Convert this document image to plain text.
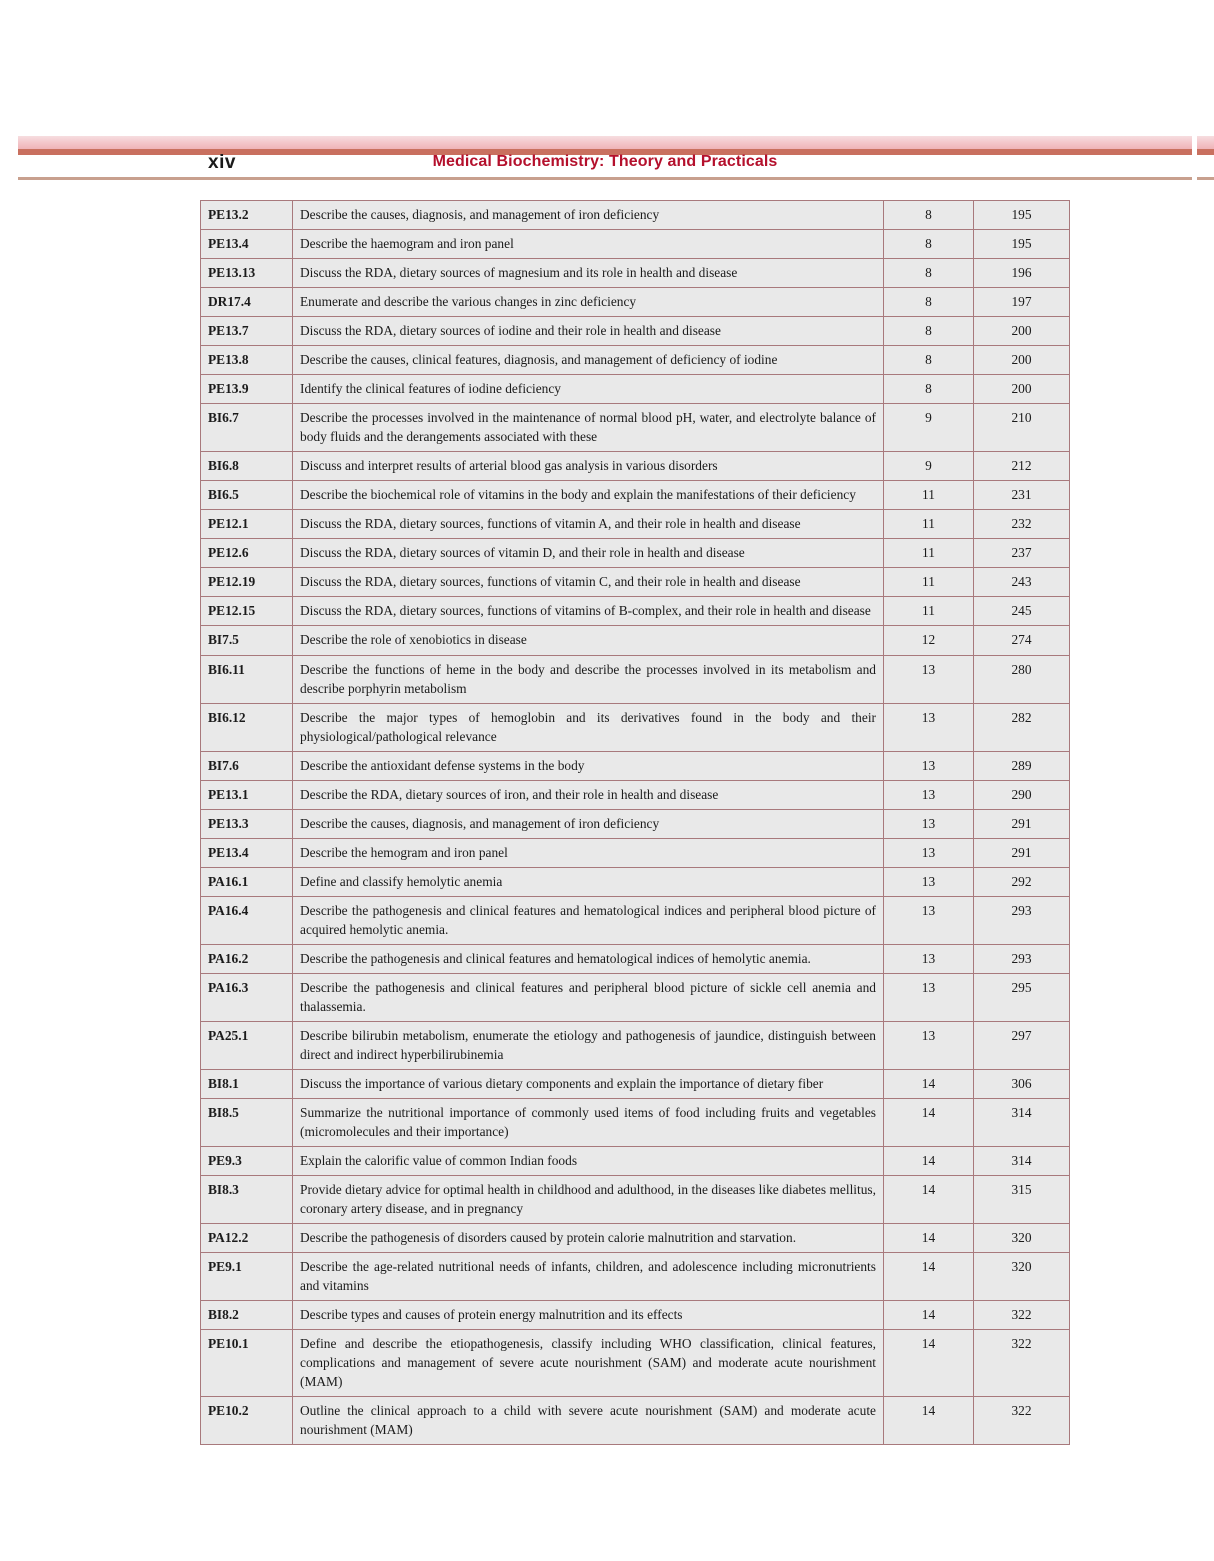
xiv	Medical Biochemistry: Theory and Practicals
PE13.2	Describe the causes, diagnosis, and management of iron deficiency	8	195
PE13.4	Describe the haemogram and iron panel	8	195
PE13.13	Discuss the RDA, dietary sources of magnesium and its role in health and disease	8	196
DR17.4	Enumerate and describe the various changes in zinc deficiency	8	197
PE13.7	Discuss the RDA, dietary sources of iodine and their role in health and disease	8	200
PE13.8	Describe the causes, clinical features, diagnosis, and management of deficiency of iodine	8	200
PE13.9	Identify the clinical features of iodine deficiency	8	200
BI6.7	Describe the processes involved in the maintenance of normal blood pH, water, and electrolyte balance of body fluids and the derangements associated with these	9	210
BI6.8	Discuss and interpret results of arterial blood gas analysis in various disorders	9	212
BI6.5	Describe the biochemical role of vitamins in the body and explain the manifestations of their deficiency	11	231
PE12.1	Discuss the RDA, dietary sources, functions of vitamin A, and their role in health and disease	11	232
PE12.6	Discuss the RDA, dietary sources of vitamin D, and their role in health and disease	11	237
PE12.19	Discuss the RDA, dietary sources, functions of vitamin C, and their role in health and disease	11	243
PE12.15	Discuss the RDA, dietary sources, functions of vitamins of B-complex, and their role in health and disease	11	245
BI7.5	Describe the role of xenobiotics in disease	12	274
BI6.11	Describe the functions of heme in the body and describe the processes involved in its metabolism and describe porphyrin metabolism	13	280
BI6.12	Describe the major types of hemoglobin and its derivatives found in the body and their physiological/pathological relevance	13	282
BI7.6	Describe the antioxidant defense systems in the body	13	289
PE13.1	Describe the RDA, dietary sources of iron, and their role in health and disease	13	290
PE13.3	Describe the causes, diagnosis, and management of iron deficiency	13	291
PE13.4	Describe the hemogram and iron panel	13	291
PA16.1	Define and classify hemolytic anemia	13	292
PA16.4	Describe the pathogenesis and clinical features and hematological indices and peripheral blood picture of acquired hemolytic anemia.	13	293
PA16.2	Describe the pathogenesis and clinical features and hematological indices of hemolytic anemia.	13	293
PA16.3	Describe the pathogenesis and clinical features and peripheral blood picture of sickle cell anemia and thalassemia.	13	295
PA25.1	Describe bilirubin metabolism, enumerate the etiology and pathogenesis of jaundice, distinguish between direct and indirect hyperbilirubinemia	13	297
BI8.1	Discuss the importance of various dietary components and explain the importance of dietary fiber	14	306
BI8.5	Summarize the nutritional importance of commonly used items of food including fruits and vegetables (micromolecules and their importance)	14	314
PE9.3	Explain the calorific value of common Indian foods	14	314
BI8.3	Provide dietary advice for optimal health in childhood and adulthood, in the diseases like diabetes mellitus, coronary artery disease, and in pregnancy	14	315
PA12.2	Describe the pathogenesis of disorders caused by protein calorie malnutrition and starvation.	14	320
PE9.1	Describe the age-related nutritional needs of infants, children, and adolescence including micronutrients and vitamins	14	320
BI8.2	Describe types and causes of protein energy malnutrition and its effects	14	322
PE10.1	Define and describe the etiopathogenesis, classify including WHO classification, clinical features, complications and management of severe acute nourishment (SAM) and moderate acute nourishment (MAM)	14	322
PE10.2	Outline the clinical approach to a child with severe acute nourishment (SAM) and moderate acute nourishment (MAM)	14	322
